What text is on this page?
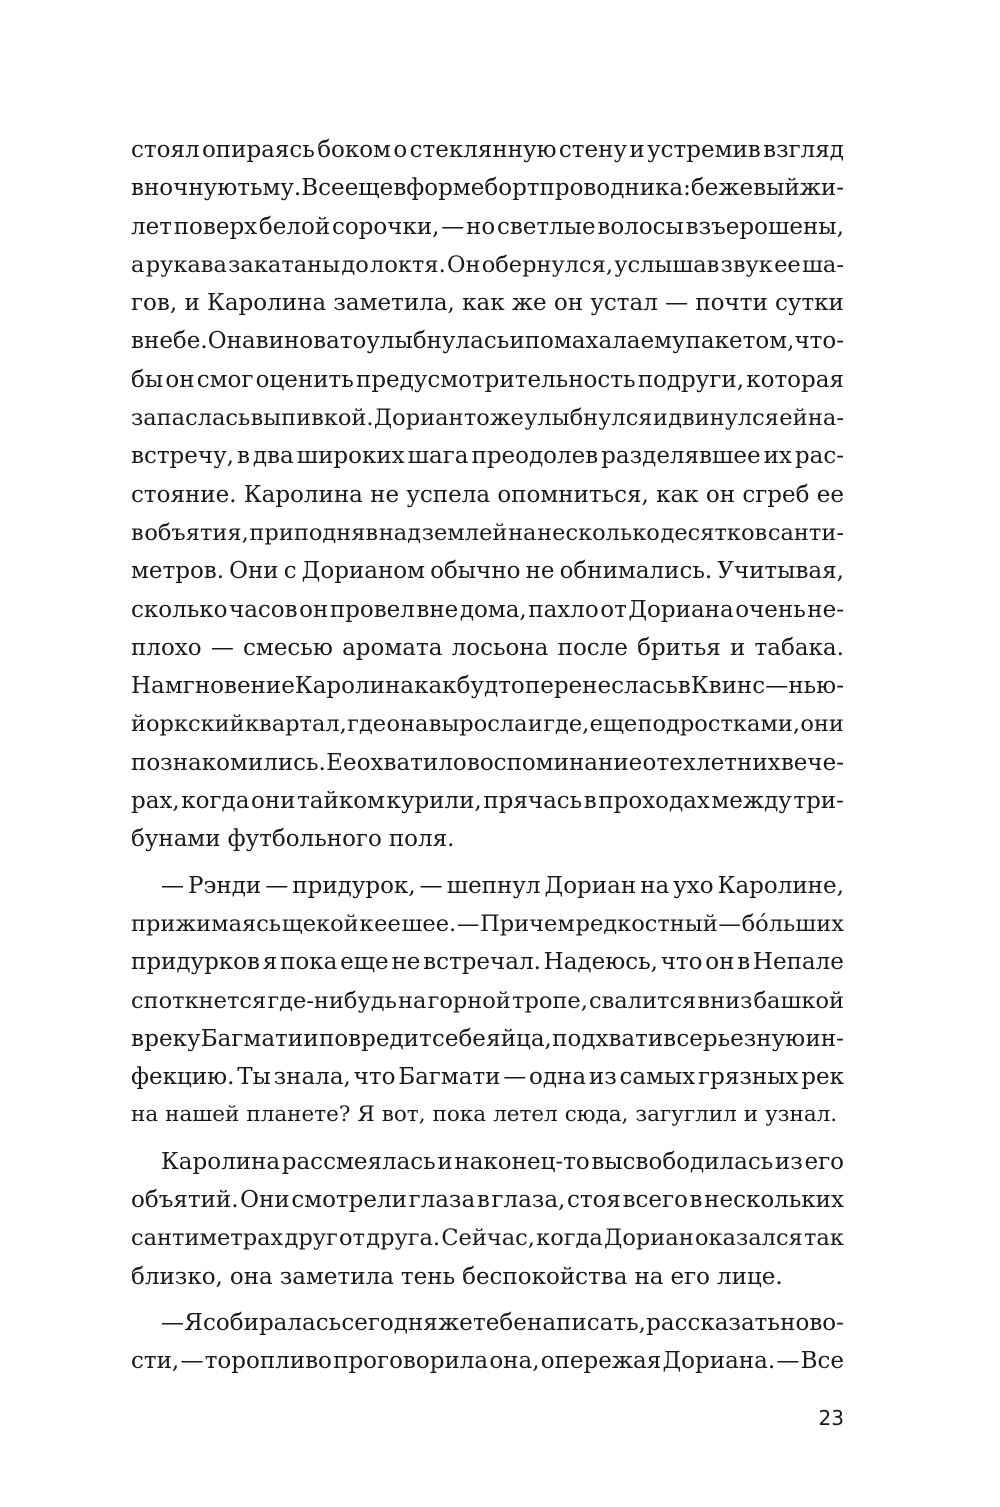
стоял опираясь боком о стеклянную стену и устремив взгляд
в ночную тьму. Все еще в форме бортпроводника: бежевый жи-
лет поверх белой сорочки, — но светлые волосы взъерошены,
а рукава закатаны до локтя. Он обернулся, услышав звук ее ша-
гов, и Каролина заметила, как же он устал — почти сутки
в небе. Она виновато улыбнулась и помахала ему пакетом, что-
бы он смог оценить предусмотрительность подруги, которая
запаслась выпивкой. Дориан тоже улыбнулся и двинулся ей на-
встречу, в два широких шага преодолев разделявшее их рас-
стояние. Каролина не успела опомниться, как он сгреб ее
в объятия, приподняв над землей на несколько десятков санти-
метров. Они с Дорианом обычно не обнимались. Учитывая,
сколько часов он провел вне дома, пахло от Дориана очень не-
плохо — смесью аромата лосьона после бритья и табака.
На мгновение Каролина как будто перенеслась в Квинс — нью-
йоркский квартал, где она выросла и где, еще подростками, они
познакомились. Ее охватило воспоминание о тех летних вече-
рах, когда они тайком курили, прячась в проходах между три-
бунами футбольного поля.
— Рэнди — придурок, — шепнул Дориан на ухо Каролине,
прижимаясь щекой к ее шее. — Причем редкостный — бóльших
придурков я пока еще не встречал. Надеюсь, что он в Непале
споткнется где-нибудь на горной тропе, свалится вниз башкой
в реку Багмати и повредит себе яйца, подхватив серьезную ин-
фекцию. Ты знала, что Багмати — одна из самых грязных рек
на нашей планете? Я вот, пока летел сюда, загуглил и узнал.
Каролина рассмеялась и наконец-то высвободилась из его
объятий. Они смотрели глаза в глаза, стоя всего в нескольких
сантиметрах друг от друга. Сейчас, когда Дориан оказался так
близко, она заметила тень беспокойства на его лице.
— Я собиралась сегодня же тебе написать, рассказать ново-
сти, — торопливо проговорила она, опережая Дориана. — Все
23
